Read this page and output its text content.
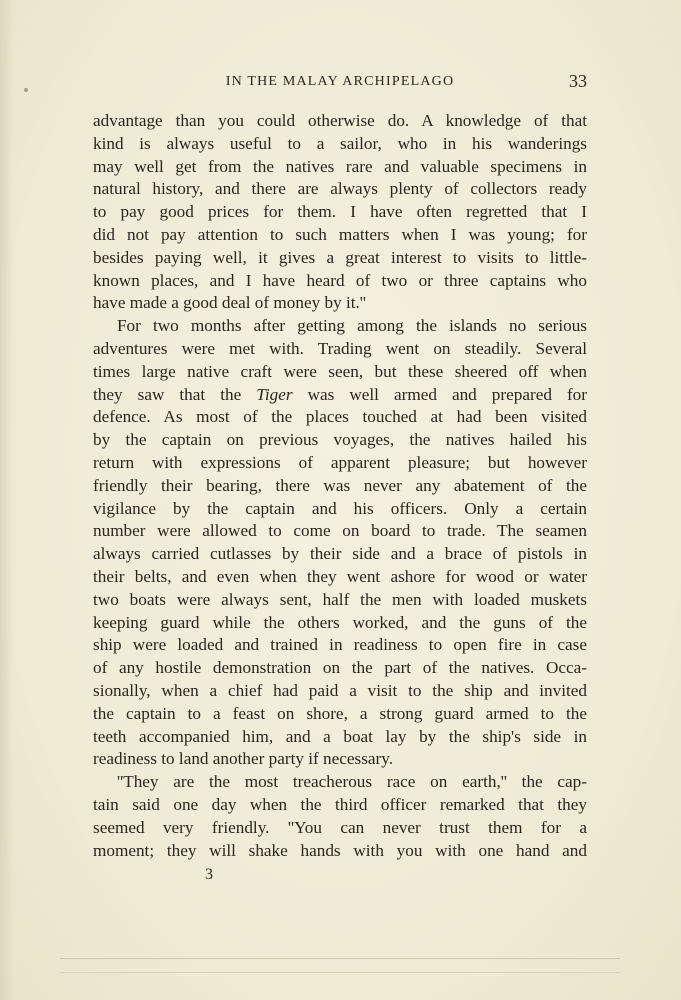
IN THE MALAY ARCHIPELAGO	33
advantage than you could otherwise do. A knowledge of that
kind is always useful to a sailor, who in his wanderings
may well get from the natives rare and valuable specimens in
natural history, and there are always plenty of collectors ready
to pay good prices for them. I have often regretted that I
did not pay attention to such matters when I was young; for
besides paying well, it gives a great interest to visits to little-
known places, and I have heard of two or three captains who
have made a good deal of money by it.''
For two months after getting among the islands no serious
adventures were met with. Trading went on steadily. Several
times large native craft were seen, but these sheered off when
they saw that the Tiger was well armed and prepared for
defence. As most of the places touched at had been visited
by the captain on previous voyages, the natives hailed his
return with expressions of apparent pleasure; but however
friendly their bearing, there was never any abatement of the
vigilance by the captain and his officers. Only a certain
number were allowed to come on board to trade. The seamen
always carried cutlasses by their side and a brace of pistols in
their belts, and even when they went ashore for wood or water
two boats were always sent, half the men with loaded muskets
keeping guard while the others worked, and the guns of the
ship were loaded and trained in readiness to open fire in case
of any hostile demonstration on the part of the natives. Occa-
sionally, when a chief had paid a visit to the ship and invited
the captain to a feast on shore, a strong guard armed to the
teeth accompanied him, and a boat lay by the ship's side in
readiness to land another party if necessary.
''They are the most treacherous race on earth,'' the cap-
tain said one day when the third officer remarked that they
seemed very friendly. ''You can never trust them for a
moment; they will shake hands with you with one hand and
3
